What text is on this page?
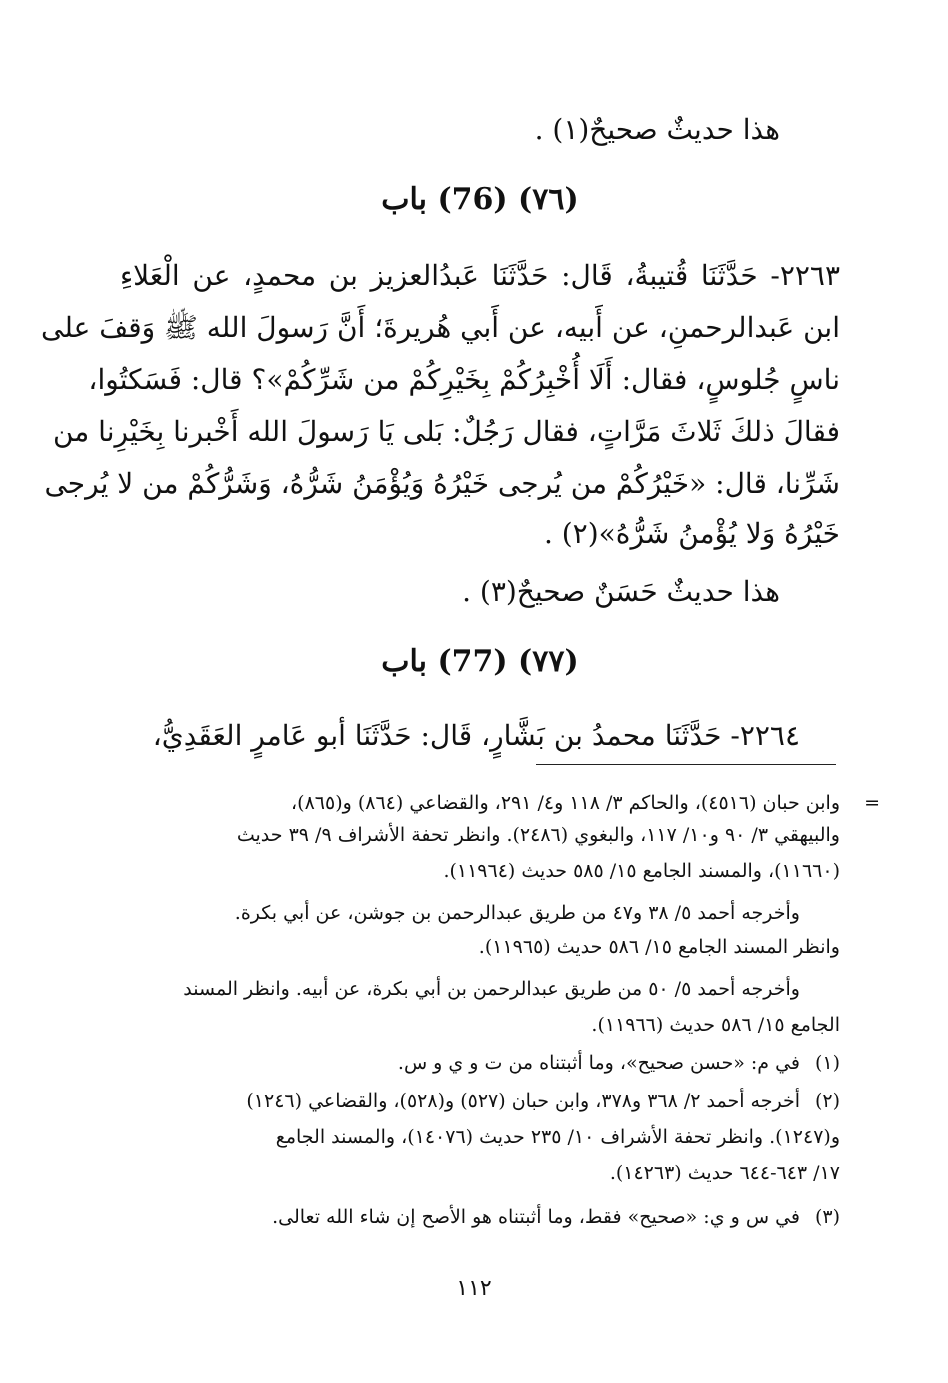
هذا حديثٌ صحيحٌ(١) .
(٧٦) (76) باب
٢٢٦٣- حَدَّثَنَا قُتيبةُ، قَال: حَدَّثَنَا عَبدُالعزيز بن محمدٍ، عن الْعَلاءِ
ابن عَبدالرحمنِ، عن أَبيه، عن أَبي هُريرةَ؛ أَنَّ رَسولَ الله ﷺ وَقفَ على
ناسٍ جُلوسٍ، فقال: أَلَا أُخْبِرُكُمْ بِخَيْرِكُمْ من شَرِّكُمْ»؟ قال: فَسَكتُوا،
فقالَ ذلكَ ثَلاثَ مَرَّاتٍ، فقال رَجُلٌ: بَلى يَا رَسولَ الله أَخْبرنا بِخَيْرِنا من
شَرِّنا، قال: «خَيْرُكُمْ من يُرجى خَيْرُهُ وَيُؤْمَنُ شَرُّهُ، وَشَرُّكُمْ من لا يُرجى
خَيْرُهُ وَلا يُؤْمنُ شَرُّهُ»(٢) .
هذا حديثٌ حَسَنٌ صحيحٌ(٣) .
(٧٧) (77) باب
٢٢٦٤- حَدَّثَنَا محمدُ بن بَشَّارٍ، قَال: حَدَّثَنَا أبو عَامرٍ العَقَدِيُّ،
=
وابن حبان (٤٥١٦)، والحاكم ٣/ ١١٨ و٤/ ٢٩١، والقضاعي (٨٦٤) و(٨٦٥)،
والبيهقي ٣/ ٩٠ و١٠/ ١١٧، والبغوي (٢٤٨٦). وانظر تحفة الأشراف ٩/ ٣٩ حديث
(١١٦٦٠)، والمسند الجامع ١٥/ ٥٨٥ حديث (١١٩٦٤).
وأخرجه أحمد ٥/ ٣٨ و٤٧ من طريق عبدالرحمن بن جوشن، عن أبي بكرة.
وانظر المسند الجامع ١٥/ ٥٨٦ حديث (١١٩٦٥).
وأخرجه أحمد ٥/ ٥٠ من طريق عبدالرحمن بن أبي بكرة، عن أبيه. وانظر المسند
الجامع ١٥/ ٥٨٦ حديث (١١٩٦٦).
(١)
في م: «حسن صحيح»، وما أثبتناه من ت و ي و س.
(٢)
أخرجه أحمد ٢/ ٣٦٨ و٣٧٨، وابن حبان (٥٢٧) و(٥٢٨)، والقضاعي (١٢٤٦)
و(١٢٤٧). وانظر تحفة الأشراف ١٠/ ٢٣٥ حديث (١٤٠٧٦)، والمسند الجامع
١٧/ ٦٤٣-٦٤٤ حديث (١٤٢٦٣).
(٣)
في س و ي: «صحيح» فقط، وما أثبتناه هو الأصح إن شاء الله تعالى.
١١٢
